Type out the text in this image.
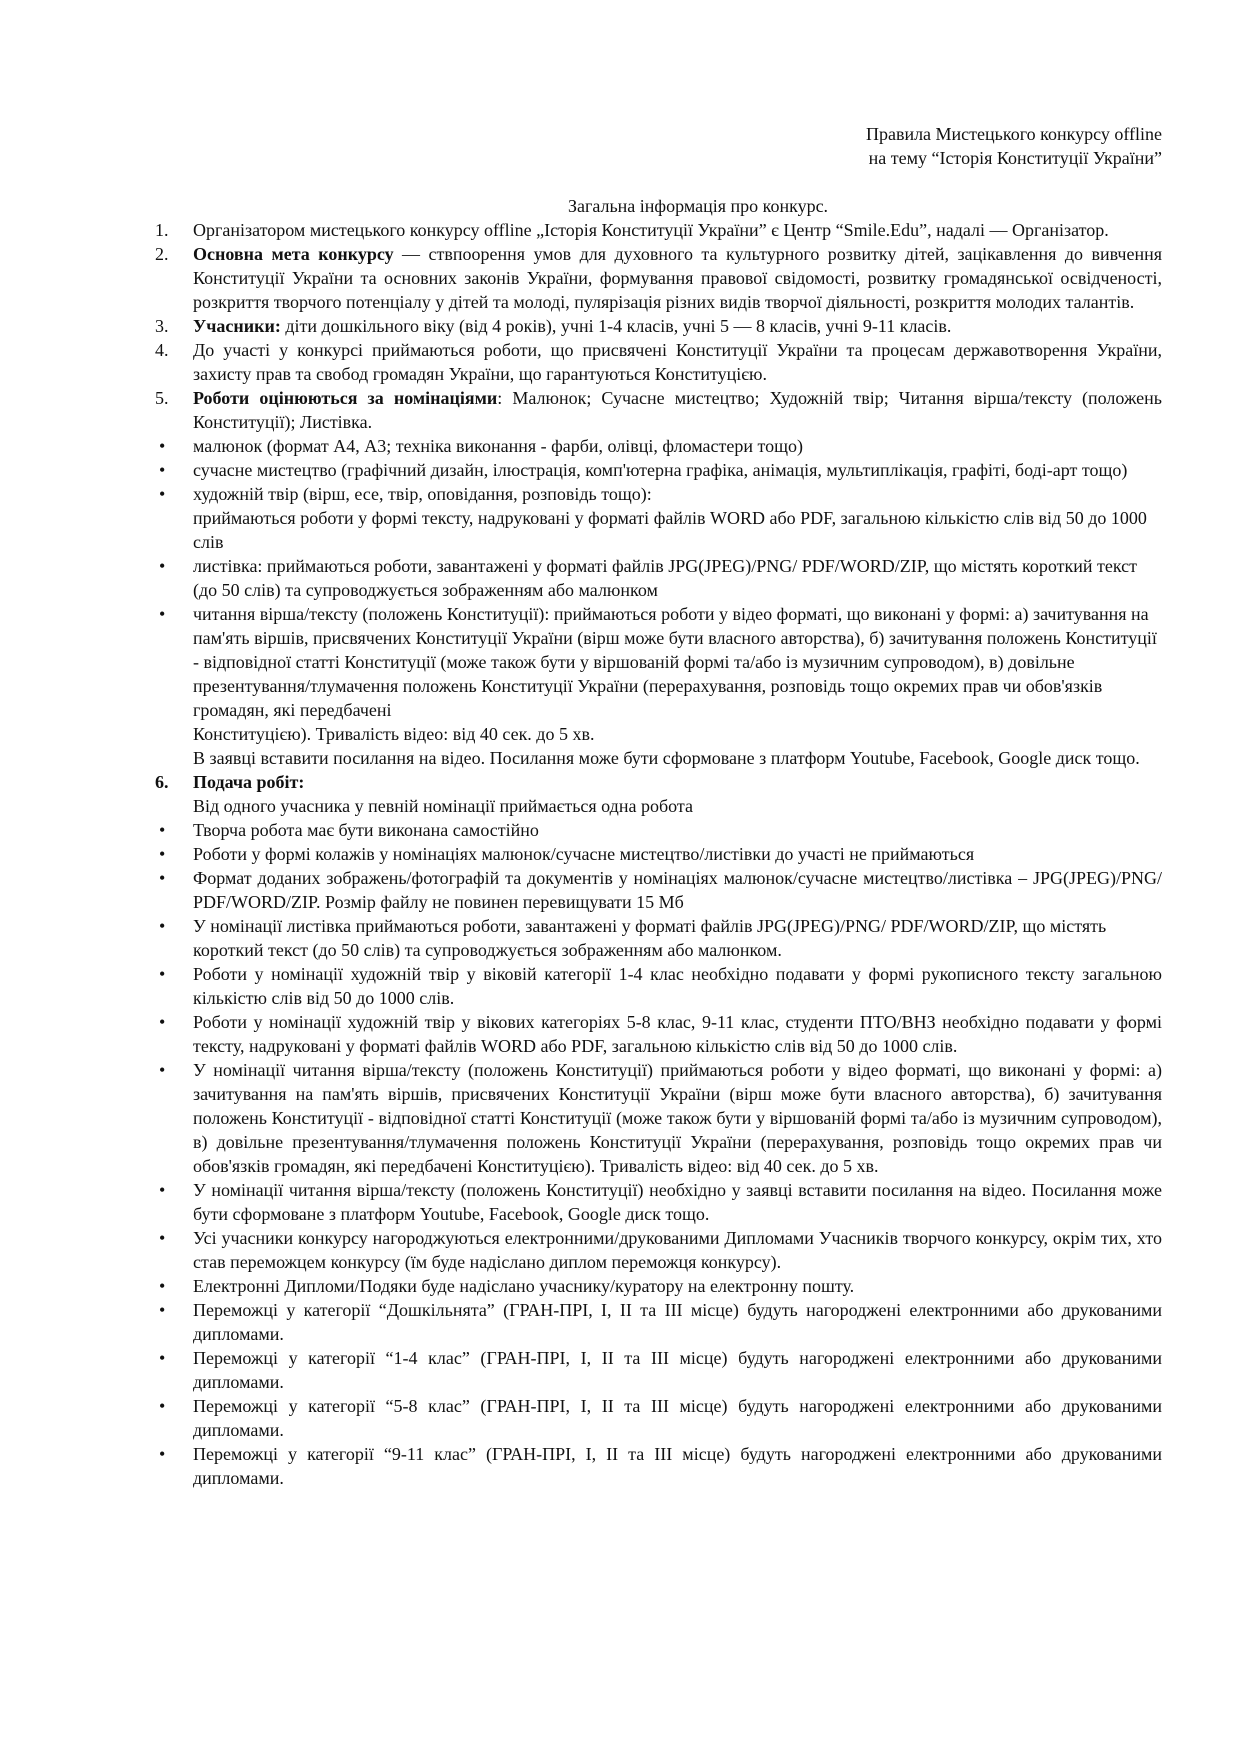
Правила Мистецького конкурсу offline
на тему “Історія Конституції України”
Загальна інформація про конкурс.
1.	Організатором мистецького конкурсу offline „Історія Конституції України” є Центр “Smile.Edu”, надалі — Організатор.

2.	Основна мета конкурсу — ствпоорення умов для духовного та культурного розвитку дітей, зацікавлення до вивчення Конституції України та основних законів України, формування правової свідомості, розвитку громадянської освідченості, розкриття творчого потенціалу у дітей та молоді, пулярізація різних видів творчої діяльності, розкриття молодих талантів.

3.	Учасники: діти дошкільного віку (від 4 років), учні 1-4 класів, учні 5 — 8 класів, учні 9-11 класів.

4.	До участі у конкурсі приймаються роботи, що присвячені Конституції України та процесам державотворення України, захисту прав та свобод громадян України, що гарантуються Конституцією.

5.	Роботи оцінюються за номінаціями: Малюнок; Сучасне мистецтво; Художній твір; Читання вірша/тексту (положень Конституції); Листівка.

•	малюнок (формат А4, А3; техніка виконання - фарби, олівці, фломастери тощо)

•	сучасне мистецтво (графічний дизайн, ілюстрація, комп'ютерна графіка, анімація, мультиплікація, графіті, боді-арт тощо)

•	художній твір (вірш, есе, твір, оповідання, розповідь тощо):

приймаються роботи у формі тексту, надруковані у форматі файлів WORD або PDF, загальною кількістю слів від 50 до 1000 слів

•	листівка: приймаються роботи, завантажені у форматі файлів JPG(JPEG)/PNG/ PDF/WORD/ZIP, що містять короткий текст (до 50 слів) та супроводжується зображенням або малюнком

•	читання вірша/тексту (положень Конституції): приймаються роботи у відео форматі, що виконані у формі: а) зачитування на пам'ять віршів, присвячених Конституції України (вірш може бути власного авторства), б) зачитування положень Конституції - відповідної статті Конституції (може також бути у віршованій формі та/або із музичним супроводом), в) довільне презентування/тлумачення положень Конституції України (перерахування, розповідь тощо окремих прав чи обов'язків громадян, які передбачені

Конституцією). Тривалість відео: від 40 сек. до 5 хв.

В заявці вставити посилання на відео. Посилання може бути сформоване з платформ Youtube, Facebook, Google диск тощо.

6.	Подача робіт:

Від одного учасника у певній номінації приймається одна робота

•	Творча робота має бути виконана самостійно

•	Роботи у формі колажів у номінаціях малюнок/сучасне мистецтво/листівки до участі не приймаються

•	Формат доданих зображень/фотографій та документів у номінаціях малюнок/сучасне мистецтво/листівка – JPG(JPEG)/PNG/ PDF/WORD/ZIP. Розмір файлу не повинен перевищувати 15 Мб

•	У номінації листівка приймаються роботи, завантажені у форматі файлів JPG(JPEG)/PNG/ PDF/WORD/ZIP, що містять короткий текст (до 50 слів) та супроводжується зображенням або малюнком.

•	Роботи у номінації художній твір у віковій категорії 1-4 клас необхідно подавати у формі рукописного тексту загальною кількістю слів від 50 до 1000 слів.

•	Роботи у номінації художній твір у вікових категоріях 5-8 клас, 9-11 клас, студенти ПТО/ВНЗ необхідно подавати у формі тексту, надруковані у форматі файлів WORD або PDF, загальною кількістю слів від 50 до 1000 слів.

•	У номінації читання вірша/тексту (положень Конституції) приймаються роботи у відео форматі, що виконані у формі: а) зачитування на пам'ять віршів, присвячених Конституції України (вірш може бути власного авторства), б) зачитування положень Конституції - відповідної статті Конституції (може також бути у віршованій формі та/або із музичним супроводом), в) довільне презентування/тлумачення положень Конституції України (перерахування, розповідь тощо окремих прав чи обов'язків громадян, які передбачені Конституцією). Тривалість відео: від 40 сек. до 5 хв.

•	У номінації читання вірша/тексту (положень Конституції) необхідно у заявці вставити посилання на відео. Посилання може бути сформоване з платформ Youtube, Facebook, Google диск тощо.

•	Усі учасники конкурсу нагороджуються електронними/друкованими Дипломами Учасників творчого конкурсу, окрім тих, хто став переможцем конкурсу (їм буде надіслано диплом переможця конкурсу).

•	Електронні Дипломи/Подяки буде надіслано учаснику/куратору на електронну пошту.

•	Переможці у категорії “Дошкільнята” (ГРАН-ПРІ, І, ІІ та ІІІ місце) будуть нагороджені електронними або друкованими дипломами.

•	Переможці у категорії “1-4 клас” (ГРАН-ПРІ, І, ІІ та ІІІ місце) будуть нагороджені електронними або друкованими дипломами.

•	Переможці у категорії “5-8 клас” (ГРАН-ПРІ, І, ІІ та ІІІ місце) будуть нагороджені електронними або друкованими дипломами.

•	Переможці у категорії “9-11 клас” (ГРАН-ПРІ, І, ІІ та ІІІ місце) будуть нагороджені електронними або друкованими дипломами.
